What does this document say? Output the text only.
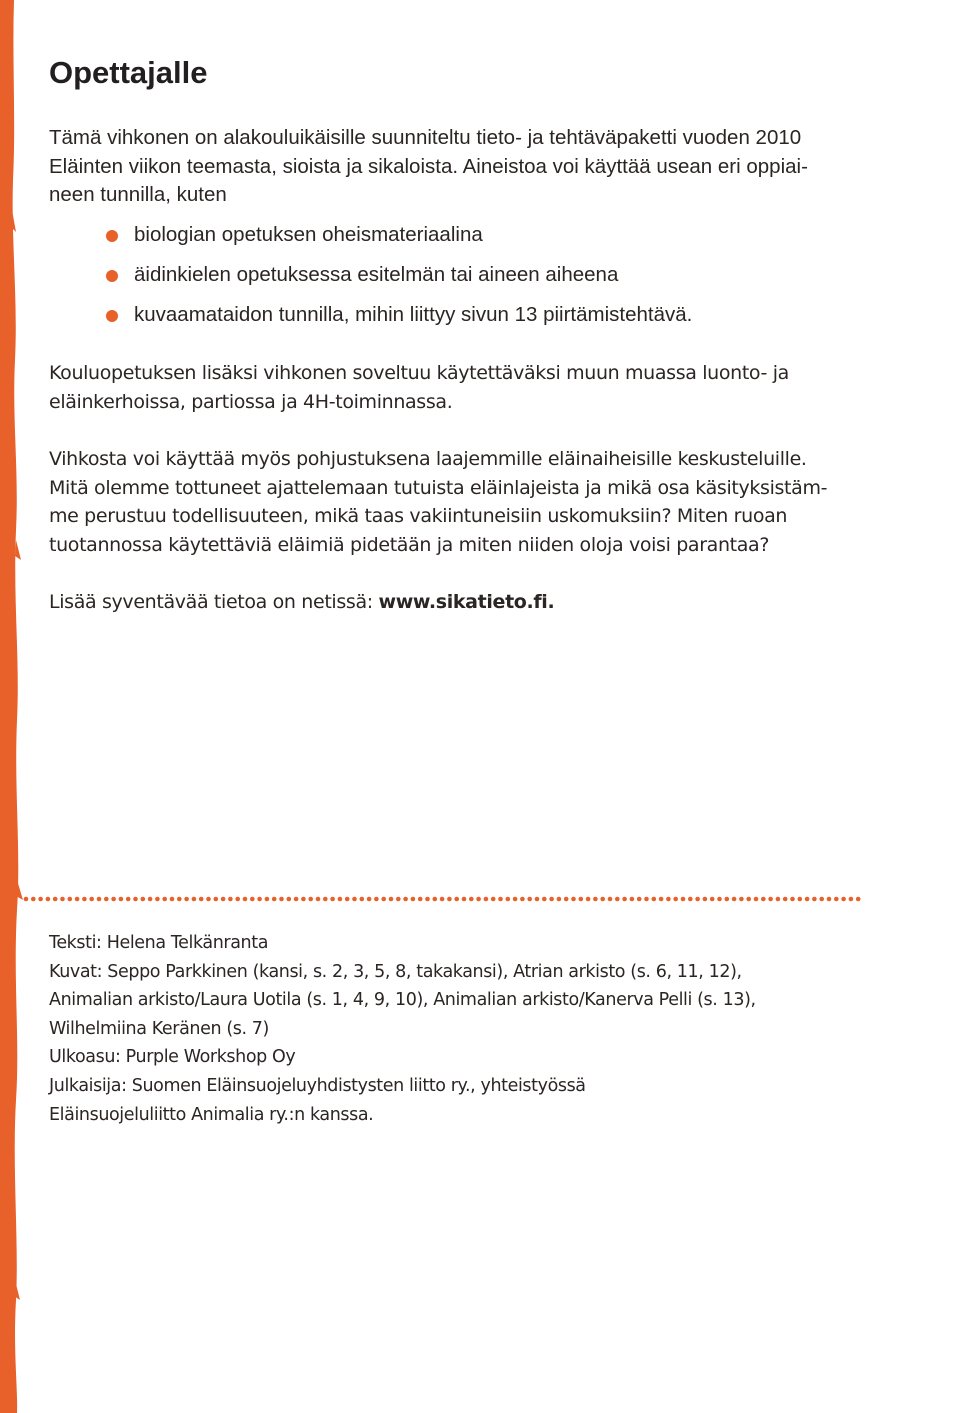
Opettajalle

Tämä vihkonen on alakouluikäisille suunniteltu tieto- ja tehtäväpaketti vuoden 2010
Eläinten viikon teemasta, sioista ja sikaloista. Aineistoa voi käyttää usean eri oppiai-
neen tunnilla, kuten

biologian opetuksen oheismateriaalina
äidinkielen opetuksessa esitelmän tai aineen aiheena
kuvaamataidon tunnilla, mihin liittyy sivun 13 piirtämistehtävä.

Kouluopetuksen lisäksi vihkonen soveltuu käytettäväksi muun muassa luonto- ja
eläinkerhoissa, partiossa ja 4H-toiminnassa.

Vihkosta voi käyttää myös pohjustuksena laajemmille eläinaiheisille keskusteluille.
Mitä olemme tottuneet ajattelemaan tutuista eläinlajeista ja mikä osa käsityksistäm-
me perustuu todellisuuteen, mikä taas vakiintuneisiin uskomuksiin? Miten ruoan
tuotannossa käytettäviä eläimiä pidetään ja miten niiden oloja voisi parantaa?

Lisää syventävää tietoa on netissä: www.sikatieto.fi.

Teksti: Helena Telkänranta
Kuvat: Seppo Parkkinen (kansi, s. 2, 3, 5, 8, takakansi), Atrian arkisto (s. 6, 11, 12),
Animalian arkisto/Laura Uotila (s. 1, 4, 9, 10), Animalian arkisto/Kanerva Pelli (s. 13),
Wilhelmiina Keränen (s. 7)
Ulkoasu: Purple Workshop Oy
Julkaisija: Suomen Eläinsuojeluyhdistysten liitto ry., yhteistyössä
Eläinsuojeluliitto Animalia ry.:n kanssa.
